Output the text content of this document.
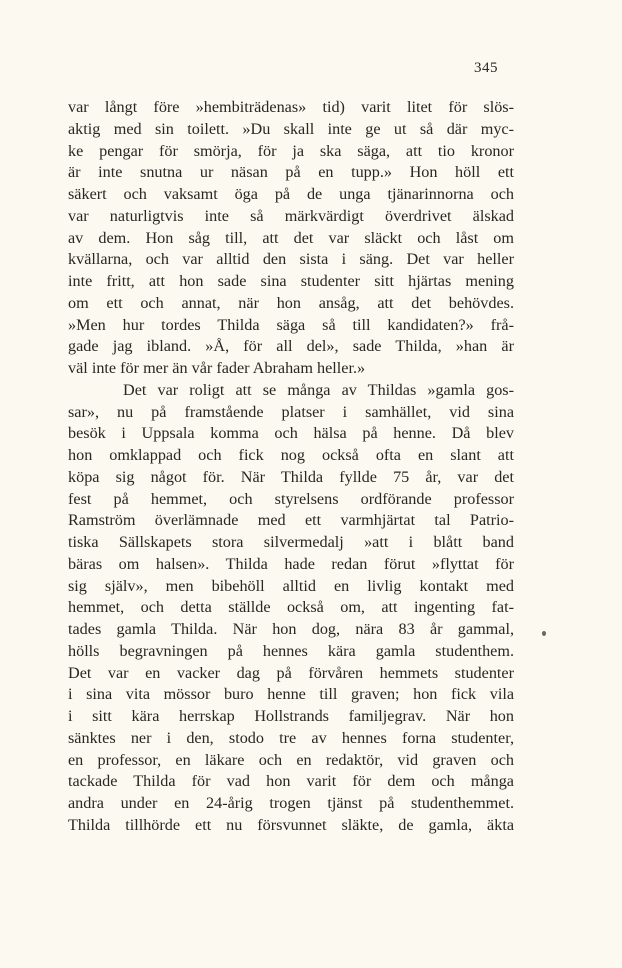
345
var långt före »hembiträdenas» tid) varit litet för slös-
aktig med sin toilett. »Du skall inte ge ut så där myc-
ke pengar för smörja, för ja ska säga, att tio kronor
är inte snutna ur näsan på en tupp.» Hon höll ett
säkert och vaksamt öga på de unga tjänarinnorna och
var naturligtvis inte så märkvärdigt överdrivet älskad
av dem. Hon såg till, att det var släckt och låst om
kvällarna, och var alltid den sista i säng. Det var heller
inte fritt, att hon sade sina studenter sitt hjärtas mening
om ett och annat, när hon ansåg, att det behövdes.
»Men hur tordes Thilda säga så till kandidaten?» frå-
gade jag ibland. »Å, för all del», sade Thilda, »han är
väl inte för mer än vår fader Abraham heller.»
Det var roligt att se många av Thildas »gamla gos-
sar», nu på framstående platser i samhället, vid sina
besök i Uppsala komma och hälsa på henne. Då blev
hon omklappad och fick nog också ofta en slant att
köpa sig något för. När Thilda fyllde 75 år, var det
fest på hemmet, och styrelsens ordförande professor
Ramström överlämnade med ett varmhjärtat tal Patrio-
tiska Sällskapets stora silvermedalj »att i blått band
bäras om halsen». Thilda hade redan förut »flyttat för
sig själv», men bibehöll alltid en livlig kontakt med
hemmet, och detta ställde också om, att ingenting fat-
tades gamla Thilda. När hon dog, nära 83 år gammal,
hölls begravningen på hennes kära gamla studenthem.
Det var en vacker dag på förvåren hemmets studenter
i sina vita mössor buro henne till graven; hon fick vila
i sitt kära herrskap Hollstrands familjegrav. När hon
sänktes ner i den, stodo tre av hennes forna studenter,
en professor, en läkare och en redaktör, vid graven och
tackade Thilda för vad hon varit för dem och många
andra under en 24-årig trogen tjänst på studenthemmet.
Thilda tillhörde ett nu försvunnet släkte, de gamla, äkta
